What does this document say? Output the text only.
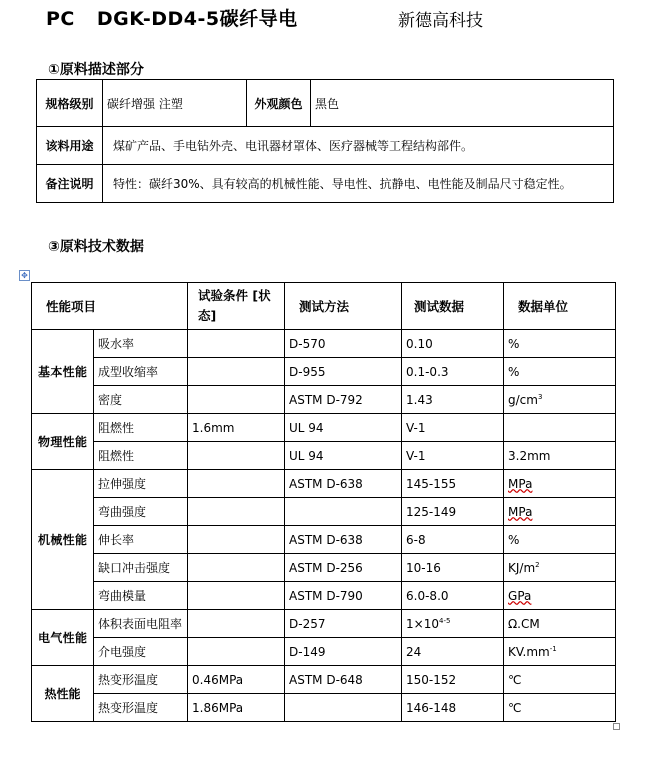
PC DGK-DD4-5碳纤导电	新德高科技
①原料描述部分
规格级别	碳纤增强 注塑	外观颜色	黑色
该料用途	煤矿产品、手电钻外壳、电讯器材罩体、医疗器械等工程结构部件。		
备注说明	特性：碳纤30%、具有较高的机械性能、导电性、抗静电、电性能及制品尺寸稳定性。		
③原料技术数据
✥
性能项目		试验条件 [状态]	测试方法	测试数据	数据单位
基本性能	吸水率		D-570	0.10	%
	成型收缩率		D-955	0.1-0.3	%
	密度		ASTM D-792	1.43	$g/cm^3$
物理性能	阻燃性	1.6mm	UL 94	V-1	
	阻燃性		UL 94	V-1	3.2mm
机械性能	拉伸强度		ASTM D-638	145-155	MPa
	弯曲强度			125-149	MPa
	伸长率		ASTM D-638	6-8	%
	缺口冲击强度		ASTM D-256	10-16	$KJ/m^2$
	弯曲模量		ASTM D-790	6.0-8.0	GPa
电气性能	体积表面电阻率		D-257	$1\times 10^{4-5}$	Ω.CM
	介电强度		D-149	24	$KV.mm^{-1}$
热性能	热变形温度	0.46MPa	ASTM D-648	150-152	℃
	热变形温度	1.86MPa		146-148	℃
